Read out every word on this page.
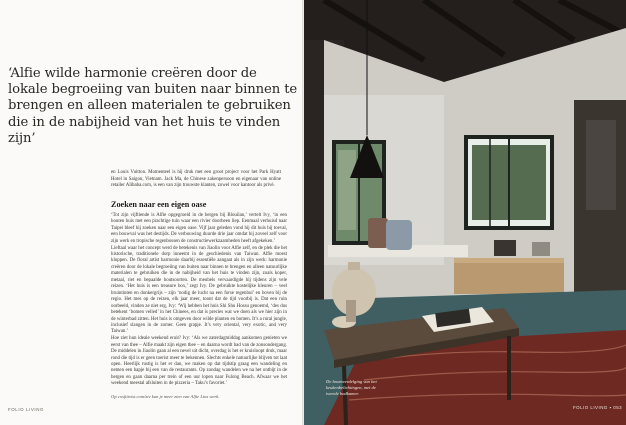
‘Alfie wilde harmonie creëren door de lokale begroeiing van buiten naar binnen te brengen en alleen materialen te gebruiken die in de nabijheid van het huis te vinden zijn’
en Louis Vuitton. Momenteel is hij druk met een groot project voor het Park Hyatt Hotel in Saigon, Vietnam. Jack Ma, de Chinese zakenpersoon en eigenaar van online retailer Alibaba.com, is een van zijn trouwste klanten, zowel voor kantoor als privé.
Zoeken naar een eigen oase

‘Tot zijn vijftiende is Alfie opgegroeid in de bergen bij Blouilan,’ vertelt Ivy, ‘in een houten huis met een prachtige tuin waar een rivier doorheen liep. Eenmaal verhuisd naar Taipei bleef hij zoeken naar een eigen oase. Vijf jaar geleden vond hij dit huis bij toeval, een bouwval was het destijds. De verbouwing duurde drie jaar omdat hij zoveel zelf voor zijn werk en tropische regenbossen de constructiewerkzaamheden heeft afgekeken.’

Lieftaal waar het concept werd de betekenis van Jiaolin voor Alfie zelf, en de plek die het historische, traditionele dorp inneemt in de geschiedenis van Taiwan. Alfie moest kloppen. De floral artist harmonie daarbij essentiële aangaat als in zijn werk: harmonie creëren door de lokale begroeiing van buiten naar binnen te brengen en alleen natuurlijke materialen te gebruiken die in de nabijheid van het huis te vinden zijn, zoals koper, metaal, riet en bepaalde houtsoorten. De meubels vervaardigde hij tijdens zijn vele reizen. ‘Het huis is een treasure box,’ zegt Ivy. De gebruikte kostelijke kleuren – veel bruintinten en donkergrijs – zijn ‘nodig de lucht na een forse regenbui’ en boven bij de regio. Het mes op de reizen, elk jaar meer, toont dat de tijd voorbij is. Dat een ruin oorbeeld, vinden ze niet erg, Ivy: ‘Wij hebben het huis Shi Shu Hossu genoemd, ‘des dus betekent ‘bomen velled’ in het Chinees, en dat is precies wat we doen als we hier zijn in de winterbad zitten. Het huis is omgeven door wilde planten en bomen. It’s a rural jungle, inclusief slangen in de zomer. Geen grapje. It’s very oriental, very exotic, and very Taiwan.’

Hoe ziet hun ideale weekend eruit? Ivy: ‘Als we zaterdagmiddag aankomen genieten we eerst van thee – Alfie maakt zijn eigen thee – en daarna wordt bad van de zonsondergang. De middelen in Jiaolin gaan al een nevel uit dicht, overdag is het er kruisloopt druk, maar rond die tijd is er geen toerist meer te bekennen. Slechts enkele natuurlijke blijven tot laat open. Heerlijk rustig is het er dan, we maken op dat tijdstip graag een wandeling en nemen een hapje bij een van de restaurants. Op zondag wandelen we na het ontbijt in de bergen en gaan daarna per trein of een uur lopen naar Fulong Beach. Afwaar we het weekend meestal afsluiten in de pizzeria – Taku’s favoriet.’

Op cosfitivist.com/ziv kun je meer zien van Alfie Lins werk.
FOLIO LIVING
De boomverdelging van het keukenbelichtingen, met de tweede badkamer.
FOLIO LIVING ▪ 053
